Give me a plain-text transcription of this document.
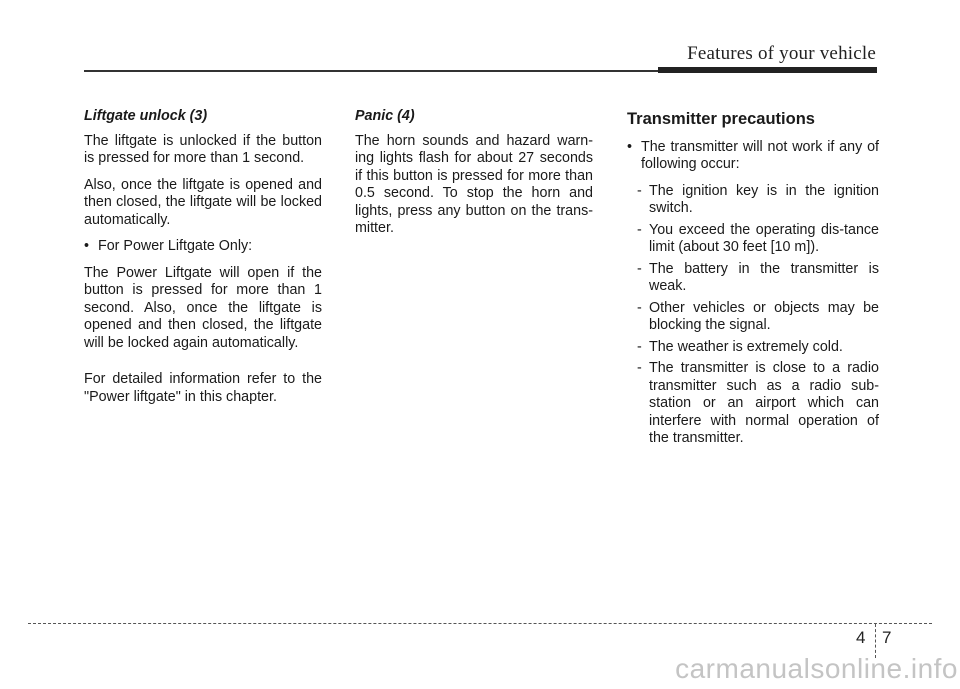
Features of your vehicle
Liftgate unlock (3)

The liftgate is unlocked if the button is pressed for more than 1 second.

Also, once the liftgate is opened and then closed, the liftgate will be locked automatically.

• For Power Liftgate Only:

The Power Liftgate will open if the button is pressed for more than 1 second. Also, once the liftgate is opened and then closed, the liftgate will be locked again automatically.

For detailed information refer to the "Power liftgate" in this chapter.

Panic (4)

The horn sounds and hazard warn-ing lights flash for about 27 seconds if this button is pressed for more than 0.5 second. To stop the horn and lights, press any button on the trans-mitter.

Transmitter precautions
• The transmitter will not work if any of following occur:
- The ignition key is in the ignition switch.
- You exceed the operating dis-tance limit (about 30 feet [10 m]).
- The battery in the transmitter is weak.
- Other vehicles or objects may be blocking the signal.
- The weather is extremely cold.
- The transmitter is close to a radio transmitter such as a radio sub-station or an airport which can interfere with normal operation of the transmitter.
4 7
carmanualsonline.info
